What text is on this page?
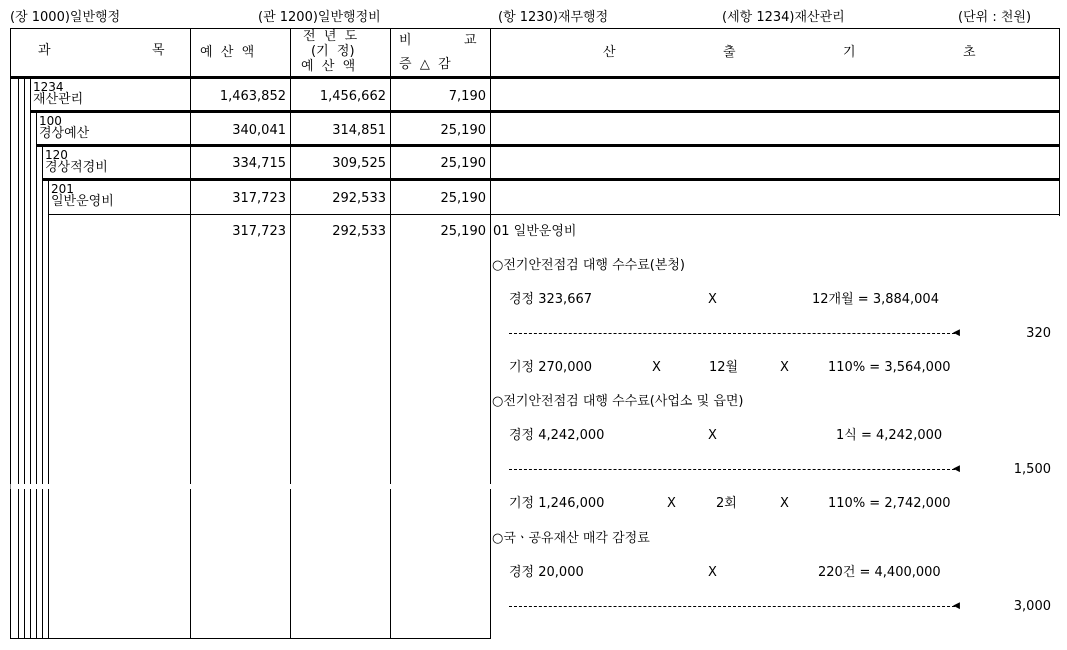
(장 1000)일반행정	(관 1200)일반행정비	(항 1230)재무행정	(세항 1234)재산관리	(단위 : 천원)
과	목	예  산  액
전  년  도
(기  정)
예  산  액
비	교
증  △  감
산	출	기	초
1234
재산관리	1,463,852	1,456,662	7,190
100
경상예산	340,041	314,851	25,190
120
경상적경비	334,715	309,525	25,190
201
일반운영비	317,723	292,533	25,190
317,723	292,533	25,190 01 일반운영비
○전기안전점검 대행 수수료(본청)
경정 323,667	X	12개월 = 3,884,004
◀	320
기정 270,000	X	12월	X	110% = 3,564,000
○전기안전점검 대행 수수료(사업소 및 읍면)
경정 4,242,000	X	1식 = 4,242,000
◀	1,500
기정 1,246,000	X	2회	X	110% = 2,742,000
○국ㆍ공유재산 매각 감정료
경정 20,000	X	220건 = 4,400,000
◀	3,000
